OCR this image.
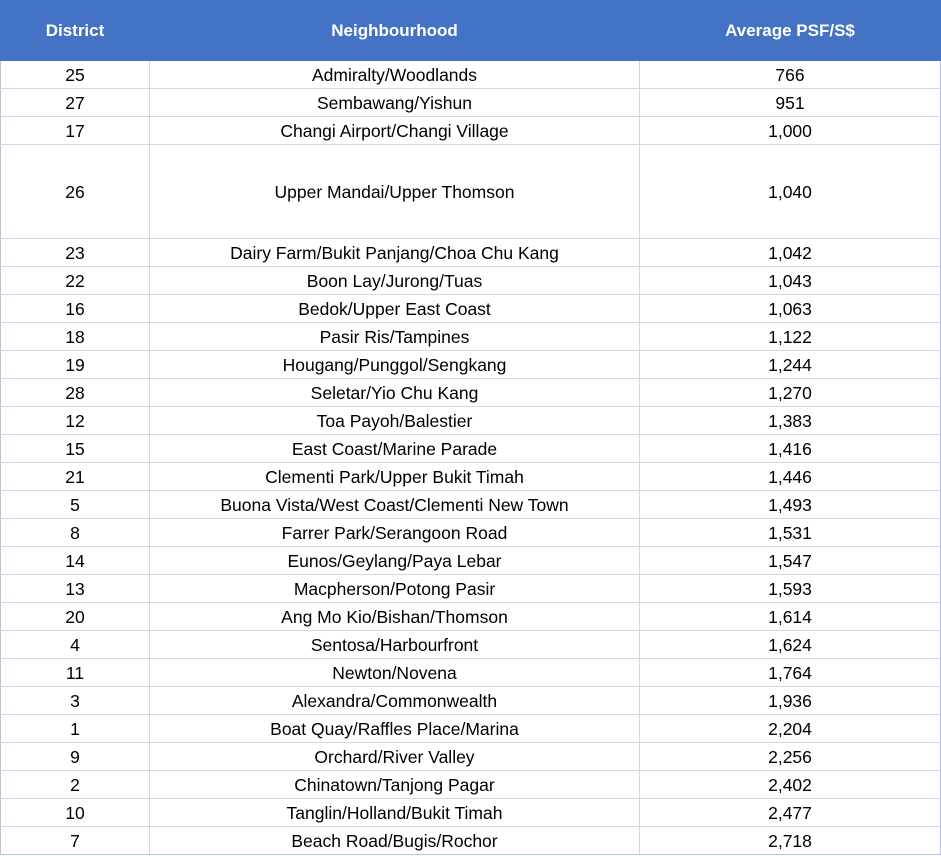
District	Neighbourhood	Average PSF/S$
25	Admiralty/Woodlands	766
27	Sembawang/Yishun	951
17	Changi Airport/Changi Village	1,000
26	Upper Mandai/Upper Thomson	1,040
23	Dairy Farm/Bukit Panjang/Choa Chu Kang	1,042
22	Boon Lay/Jurong/Tuas	1,043
16	Bedok/Upper East Coast	1,063
18	Pasir Ris/Tampines	1,122
19	Hougang/Punggol/Sengkang	1,244
28	Seletar/Yio Chu Kang	1,270
12	Toa Payoh/Balestier	1,383
15	East Coast/Marine Parade	1,416
21	Clementi Park/Upper Bukit Timah	1,446
5	Buona Vista/West Coast/Clementi New Town	1,493
8	Farrer Park/Serangoon Road	1,531
14	Eunos/Geylang/Paya Lebar	1,547
13	Macpherson/Potong Pasir	1,593
20	Ang Mo Kio/Bishan/Thomson	1,614
4	Sentosa/Harbourfront	1,624
11	Newton/Novena	1,764
3	Alexandra/Commonwealth	1,936
1	Boat Quay/Raffles Place/Marina	2,204
9	Orchard/River Valley	2,256
2	Chinatown/Tanjong Pagar	2,402
10	Tanglin/Holland/Bukit Timah	2,477
7	Beach Road/Bugis/Rochor	2,718
